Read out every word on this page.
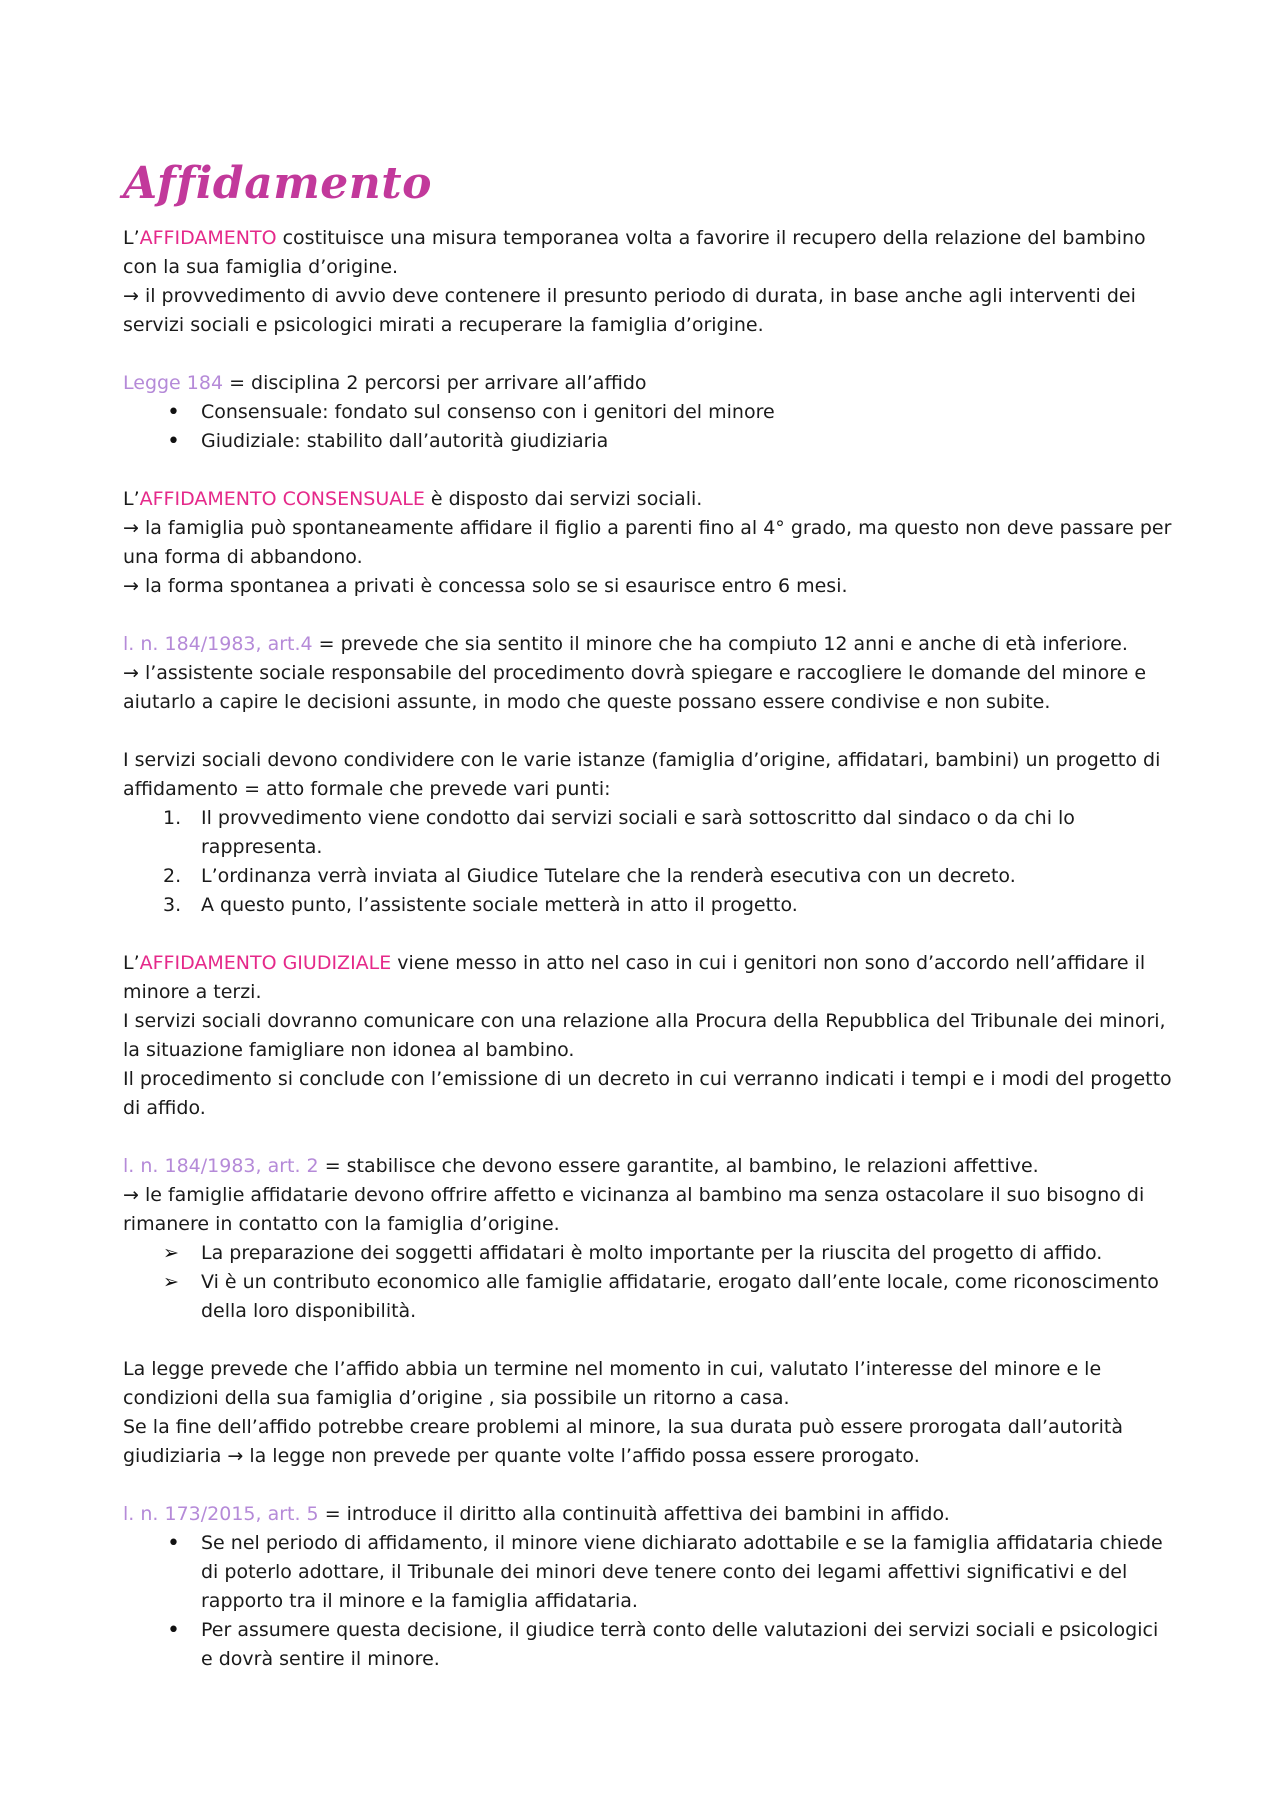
Affidamento

L’AFFIDAMENTO costituisce una misura temporanea volta a favorire il recupero della relazione del bambino con la sua famiglia d’origine.

→ il provvedimento di avvio deve contenere il presunto periodo di durata, in base anche agli interventi dei servizi sociali e psicologici mirati a recuperare la famiglia d’origine.

Legge 184 = disciplina 2 percorsi per arrivare all’affido

• Consensuale: fondato sul consenso con i genitori del minore
• Giudiziale: stabilito dall’autorità giudiziaria

L’AFFIDAMENTO CONSENSUALE è disposto dai servizi sociali.

→ la famiglia può spontaneamente affidare il figlio a parenti fino al 4° grado, ma questo non deve passare per una forma di abbandono.

→ la forma spontanea a privati è concessa solo se si esaurisce entro 6 mesi.

l. n. 184/1983, art.4 = prevede che sia sentito il minore che ha compiuto 12 anni e anche di età inferiore.

→ l’assistente sociale responsabile del procedimento dovrà spiegare e raccogliere le domande del minore e aiutarlo a capire le decisioni assunte, in modo che queste possano essere condivise e non subite.

I servizi sociali devono condividere con le varie istanze (famiglia d’origine, affidatari, bambini) un progetto di affidamento = atto formale che prevede vari punti:

1. Il provvedimento viene condotto dai servizi sociali e sarà sottoscritto dal sindaco o da chi lo rappresenta.
2. L’ordinanza verrà inviata al Giudice Tutelare che la renderà esecutiva con un decreto.
3. A questo punto, l’assistente sociale metterà in atto il progetto.

L’AFFIDAMENTO GIUDIZIALE viene messo in atto nel caso in cui i genitori non sono d’accordo nell’affidare il minore a terzi.

I servizi sociali dovranno comunicare con una relazione alla Procura della Repubblica del Tribunale dei minori, la situazione famigliare non idonea al bambino.

Il procedimento si conclude con l’emissione di un decreto in cui verranno indicati i tempi e i modi del progetto di affido.

l. n. 184/1983, art. 2 = stabilisce che devono essere garantite, al bambino, le relazioni affettive.

→ le famiglie affidatarie devono offrire affetto e vicinanza al bambino ma senza ostacolare il suo bisogno di rimanere in contatto con la famiglia d’origine.

➢ La preparazione dei soggetti affidatari è molto importante per la riuscita del progetto di affido.
➢ Vi è un contributo economico alle famiglie affidatarie, erogato dall’ente locale, come riconoscimento della loro disponibilità.

La legge prevede che l’affido abbia un termine nel momento in cui, valutato l’interesse del minore e le condizioni della sua famiglia d’origine , sia possibile un ritorno a casa.

Se la fine dell’affido potrebbe creare problemi al minore, la sua durata può essere prorogata dall’autorità giudiziaria → la legge non prevede per quante volte l’affido possa essere prorogato.

l. n. 173/2015, art. 5 = introduce il diritto alla continuità affettiva dei bambini in affido.

• Se nel periodo di affidamento, il minore viene dichiarato adottabile e se la famiglia affidataria chiede di poterlo adottare, il Tribunale dei minori deve tenere conto dei legami affettivi significativi e del rapporto tra il minore e la famiglia affidataria.
• Per assumere questa decisione, il giudice terrà conto delle valutazioni dei servizi sociali e psicologici e dovrà sentire il minore.
